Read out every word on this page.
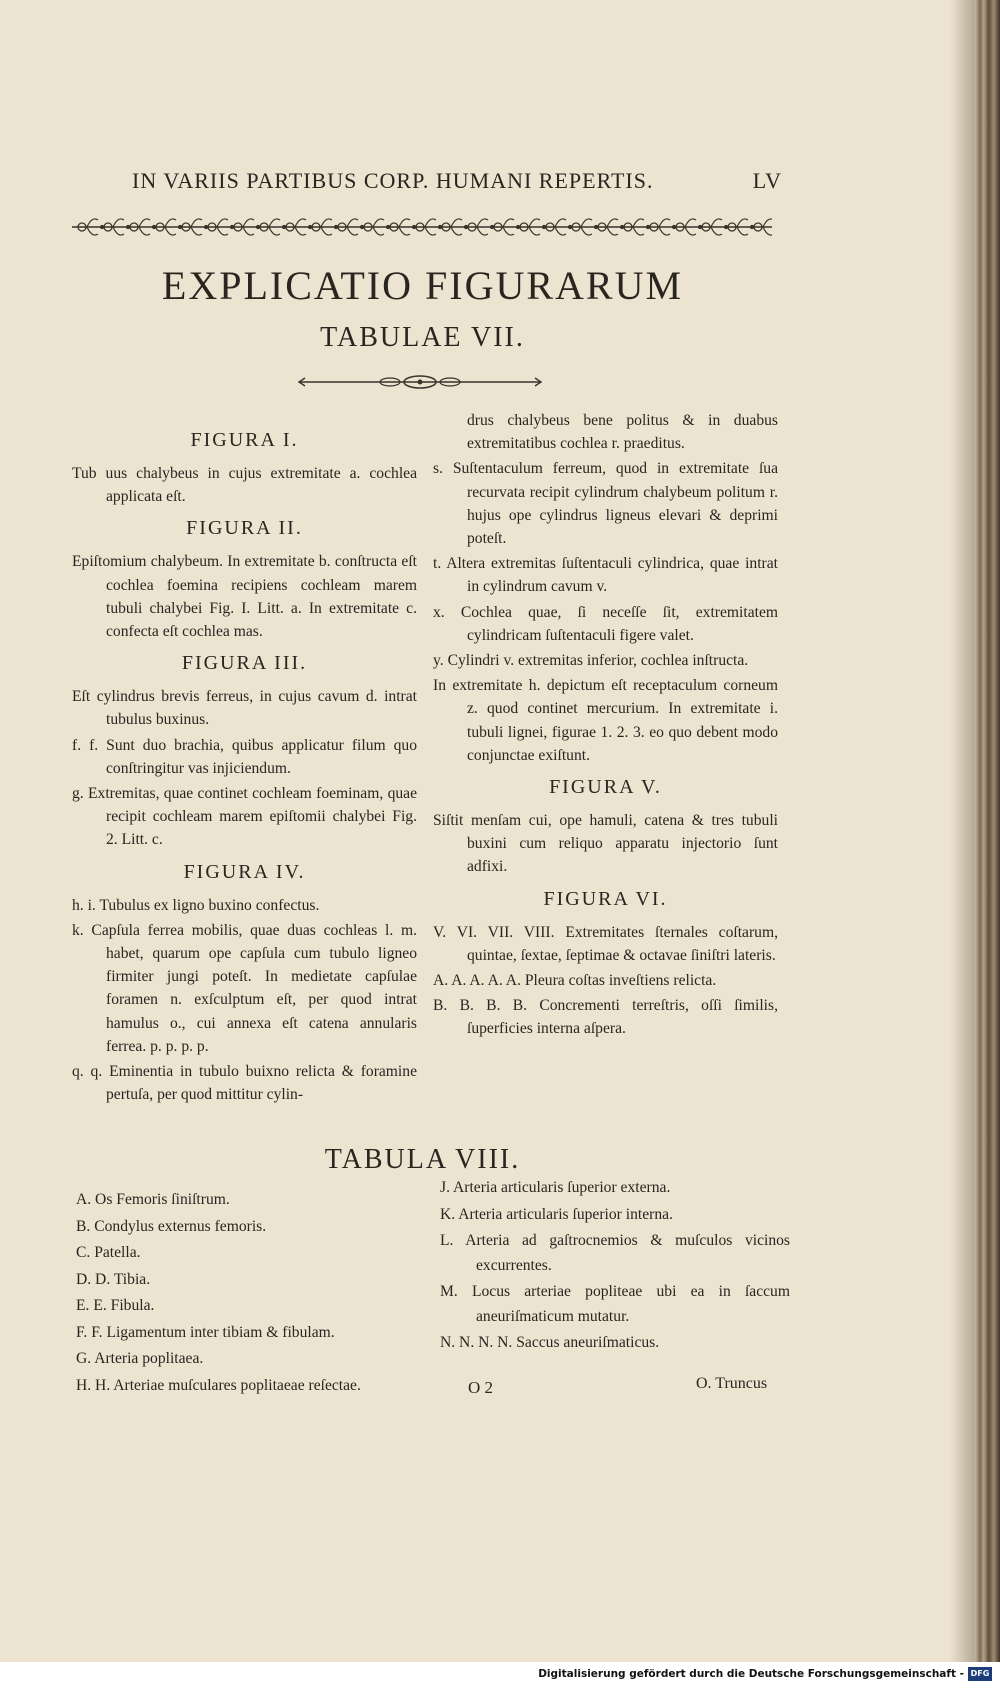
IN VARIIS PARTIBUS CORP. HUMANI REPERTIS.	LV
EXPLICATIO FIGURARUM
TABULAE VII.
FIGURA I.
Tub uus chalybeus in cujus extremitate a. cochlea applicata eſt.
FIGURA II.
Epiſtomium chalybeum. In extremitate b. conſtructa eſt cochlea foemina recipiens cochleam marem tubuli chalybei Fig. I. Litt. a. In extremitate c. confecta eſt cochlea mas.
FIGURA III.
Eſt cylindrus brevis ferreus, in cujus cavum d. intrat tubulus buxinus.
f. f. Sunt duo brachia, quibus applicatur filum quo conſtringitur vas injiciendum.
g. Extremitas, quae continet cochleam foeminam, quae recipit cochleam marem epiſtomii chalybei Fig. 2. Litt. c.
FIGURA IV.
h. i. Tubulus ex ligno buxino confectus.
k. Capſula ferrea mobilis, quae duas cochleas l. m. habet, quarum ope capſula cum tubulo ligneo firmiter jungi poteſt. In medietate capſulae foramen n. exſculptum eſt, per quod intrat hamulus o., cui annexa eſt catena annularis ferrea. p. p. p. p.
q. q. Eminentia in tubulo buixno relicta & foramine pertuſa, per quod mittitur cylin-
drus chalybeus bene politus & in duabus extremitatibus cochlea r. praeditus.
s. Suſtentaculum ferreum, quod in extremitate ſua recurvata recipit cylindrum chalybeum politum r. hujus ope cylindrus ligneus elevari & deprimi poteſt.
t. Altera extremitas ſuſtentaculi cylindrica, quae intrat in cylindrum cavum v.
x. Cochlea quae, ſi neceſſe ſit, extremitatem cylindricam ſuſtentaculi figere valet.
y. Cylindri v. extremitas inferior, cochlea inſtructa.
In extremitate h. depictum eſt receptaculum corneum z. quod continet mercurium. In extremitate i. tubuli lignei, figurae 1. 2. 3. eo quo debent modo conjunctae exiſtunt.
FIGURA V.
Siſtit menſam cui, ope hamuli, catena & tres tubuli buxini cum reliquo apparatu injectorio ſunt adfixi.
FIGURA VI.
V. VI. VII. VIII. Extremitates ſternales coſtarum, quintae, ſextae, ſeptimae & octavae ſiniſtri lateris.
A. A. A. A. A. Pleura coſtas inveſtiens relicta.
B. B. B. B. Concrementi terreſtris, oſſi ſimilis, ſuperficies interna aſpera.
TABULA VIII.
A. Os Femoris ſiniſtrum.
B. Condylus externus femoris.
C. Patella.
D. D. Tibia.
E. E. Fibula.
F. F. Ligamentum inter tibiam & fibulam.
G. Arteria poplitaea.
H. H. Arteriae muſculares poplitaeae reſectae.
J. Arteria articularis ſuperior externa.
K. Arteria articularis ſuperior interna.
L. Arteria ad gaſtrocnemios & muſculos vicinos excurrentes.
M. Locus arteriae popliteae ubi ea in ſaccum aneuriſmaticum mutatur.
N. N. N. N. Saccus aneuriſmaticus.
O 2	O. Truncus
Digitalisierung gefördert durch die Deutsche Forschungsgemeinschaft - DFG
